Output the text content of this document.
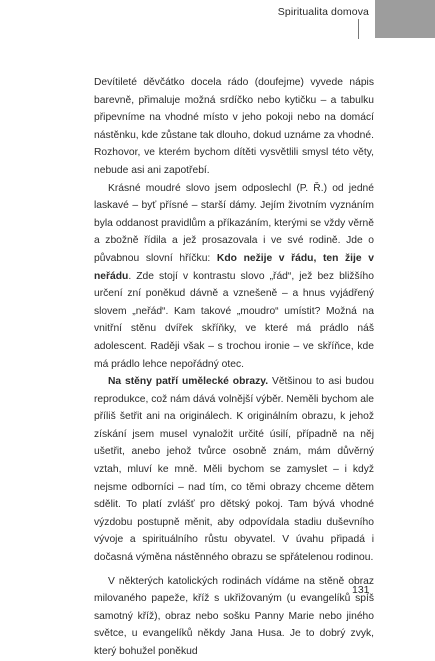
Spiritualita domova

Devítileté děvčátko docela rádo (doufejme) vyvede nápis barevně, přimaluje možná srdíčko nebo kytičku – a tabulku připevníme na vhodné místo v jeho pokoji nebo na domácí nástěnku, kde zůstane tak dlouho, dokud uznáme za vhodné. Rozhovor, ve kterém bychom dítěti vysvětlili smysl této věty, nebude asi ani zapotřebí.

Krásné moudré slovo jsem odposlechl (P. Ř.) od jedné laskavé – byť přísné – starší dámy. Jejím životním vyznáním byla oddanost pravidlům a příkazáním, kterými se vždy věrně a zbožně řídila a jež prosazovala i ve své rodině. Jde o půvabnou slovní hříčku: Kdo nežije v řádu, ten žije v neřádu. Zde stojí v kontrastu slovo „řád“, jež bez bližšího určení zní poněkud dávně a vznešeně – a hnus vyjádřený slovem „neřád“. Kam takové „moudro“ umístit? Možná na vnitřní stěnu dvířek skříňky, ve které má prádlo náš adolescent. Raději však – s trochou ironie – ve skříňce, kde má prádlo lehce nepořádný otec.

Na stěny patří umělecké obrazy. Většinou to asi budou reprodukce, což nám dává volnější výběr. Neměli bychom ale příliš šetřit ani na originálech. K originálním obrazu, k jehož získání jsem musel vynaložit určité úsilí, případně na něj ušetřit, anebo jehož tvůrce osobně znám, mám důvěrný vztah, mluví ke mně. Měli bychom se zamyslet – i když nejsme odborníci – nad tím, co těmi obrazy chceme dětem sdělit. To platí zvlášť pro dětský pokoj. Tam bývá vhodné výzdobu postupně měnit, aby odpovídala stadiu duševního vývoje a spirituálního růstu obyvatel. V úvahu připadá i dočasná výměna nástěnného obrazu se spřátelenou rodinou.

V některých katolických rodinách vídáme na stěně obraz milovaného papeže, kříž s ukřižovaným (u evangelíků spíš samotný kříž), obraz nebo sošku Panny Marie nebo jiného světce, u evangelíků někdy Jana Husa. Je to dobrý zvyk, který bohužel poněkud

131
